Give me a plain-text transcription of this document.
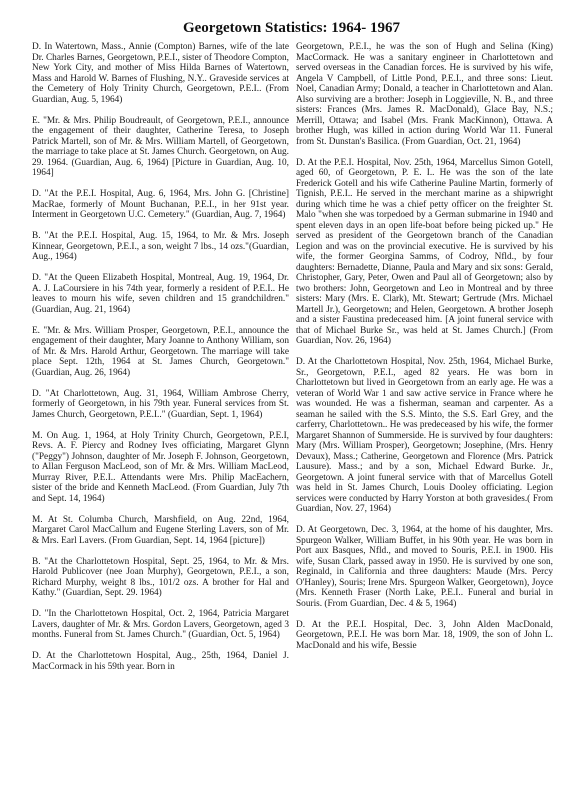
Georgetown Statistics: 1964- 1967

D. In Watertown, Mass., Annie (Compton) Barnes, wife of the late Dr. Charles Barnes, Georgetown, P.E.I., sister of Theodore Compton, New York City, and mother of Miss Hilda Barnes of Watertown, Mass and Harold W. Barnes of Flushing, N.Y.. Graveside services at the Cemetery of Holy Trinity Church, Georgetown, P.E.I.. (From Guardian, Aug. 5, 1964)

E. "Mr. & Mrs. Philip Boudreault, of Georgetown, P.E.I., announce the engagement of their daughter, Catherine Teresa, to Joseph Patrick Martell, son of Mr. & Mrs. William Martell, of Georgetown, the marriage to take place at St. James Church. Georgetown, on Aug. 29. 1964. (Guardian, Aug. 6, 1964) [Picture in Guardian, Aug. 10, 1964]

D. "At the P.E.I. Hospital, Aug. 6, 1964, Mrs. John G. [Christine] MacRae, formerly of Mount Buchanan, P.E.I., in her 91st year. Interment in Georgetown U.C. Cemetery." (Guardian, Aug. 7, 1964)

B. "At the P.E.I. Hospital, Aug. 15, 1964, to Mr. & Mrs. Joseph Kinnear, Georgetown, P.E.I., a son, weight 7 lbs., 14 ozs."(Guardian, Aug., 1964)

D. "At the Queen Elizabeth Hospital, Montreal, Aug. 19, 1964, Dr. A. J. LaCoursiere in his 74th year, formerly a resident of P.E.I.. He leaves to mourn his wife, seven children and 15 grandchildren." (Guardian, Aug. 21, 1964)

E. "Mr. & Mrs. William Prosper, Georgetown, P.E.I., announce the engagement of their daughter, Mary Joanne to Anthony William, son of Mr. & Mrs. Harold Arthur, Georgetown. The marriage will take place Sept. 12th, 1964 at St. James Church, Georgetown." (Guardian, Aug. 26, 1964)

D. "At Charlottetown, Aug. 31, 1964, William Ambrose Cherry, formerly of Georgetown, in his 79th year. Funeral services from St. James Church, Georgetown, P.E.I.." (Guardian, Sept. 1, 1964)

M. On Aug. 1, 1964, at Holy Trinity Church, Georgetown, P.E.I, Revs. A. F. Piercy and Rodney Ives officiating, Margaret Glynn ("Peggy") Johnson, daughter of Mr. Joseph F. Johnson, Georgetown, to Allan Ferguson MacLeod, son of Mr. & Mrs. William MacLeod, Murray River, P.E.I.. Attendants were Mrs. Philip MacEachern, sister of the bride and Kenneth MacLeod. (From Guardian, July 7th and Sept. 14, 1964)

M. At St. Columba Church, Marshfield, on Aug. 22nd, 1964, Margaret Carol MacCallum and Eugene Sterling Lavers, son of Mr. & Mrs. Earl Lavers. (From Guardian, Sept. 14, 1964 [picture])

B. "At the Charlottetown Hospital, Sept. 25, 1964, to Mr. & Mrs. Harold Publicover (nee Joan Murphy), Georgetown, P.E.I., a son, Richard Murphy, weight 8 lbs., 101/2 ozs. A brother for Hal and Kathy." (Guardian, Sept. 29. 1964)

D. "In the Charlottetown Hospital, Oct. 2, 1964, Patricia Margaret Lavers, daughter of Mr. & Mrs. Gordon Lavers, Georgetown, aged 3 months. Funeral from St. James Church." (Guardian, Oct. 5, 1964)

D. At the Charlottetown Hospital, Aug., 25th, 1964, Daniel J. MacCormack in his 59th year. Born in

Georgetown, P.E.I., he was the son of Hugh and Selina (King) MacCormack. He was a sanitary engineer in Charlottetown and served overseas in the Canadian forces. He is survived by his wife, Angela V Campbell, of Little Pond, P.E.I., and three sons: Lieut. Noel, Canadian Army; Donald, a teacher in Charlottetown and Alan. Also surviving are a brother: Joseph in Loggieville, N. B., and three sisters: Frances (Mrs. James R. MacDonald), Glace Bay, N.S.; Merrill, Ottawa; and Isabel (Mrs. Frank MacKinnon), Ottawa. A brother Hugh, was killed in action during World War 11. Funeral from St. Dunstan's Basilica. (From Guardian, Oct. 21, 1964)

D. At the P.E.I. Hospital, Nov. 25th, 1964, Marcellus Simon Gotell, aged 60, of Georgetown, P. E. I.. He was the son of the late Frederick Gotell and his wife Catherine Pauline Martin, formerly of Tignish, P.E.I.. He served in the merchant marine as a shipwright during which time he was a chief petty officer on the freighter St. Malo "when she was torpedoed by a German submarine in 1940 and spent eleven days in an open life-boat before being picked up." He served as president of the Georgetown branch of the Canadian Legion and was on the provincial executive. He is survived by his wife, the former Georgina Samms, of Codroy, Nfld., by four daughters: Bernadette, Dianne, Paula and Mary and six sons: Gerald, Christopher, Gary, Peter, Owen and Paul all of Georgetown; also by two brothers: John, Georgetown and Leo in Montreal and by three sisters: Mary (Mrs. E. Clark), Mt. Stewart; Gertrude (Mrs. Michael Martell Jr.), Georgetown; and Helen, Georgetown. A brother Joseph and a sister Faustina predeceased him. [A joint funeral service with that of Michael Burke Sr., was held at St. James Church.] (From Guardian, Nov. 26, 1964)

D. At the Charlottetown Hospital, Nov. 25th, 1964, Michael Burke, Sr., Georgetown, P.E.I., aged 82 years. He was born in Charlottetown but lived in Georgetown from an early age. He was a veteran of World War 1 and saw active service in France where he was wounded. He was a fisherman, seaman and carpenter. As a seaman he sailed with the S.S. Minto, the S.S. Earl Grey, and the carferry, Charlottetown.. He was predeceased by his wife, the former Margaret Shannon of Summerside. He is survived by four daughters: Mary (Mrs. William Prosper), Georgetown; Josephine, (Mrs. Henry Devaux), Mass.; Catherine, Georgetown and Florence (Mrs. Patrick Lausure). Mass.; and by a son, Michael Edward Burke. Jr., Georgetown. A joint funeral service with that of Marcellus Gotell was held in St. James Church, Louis Dooley officiating. Legion services were conducted by Harry Yorston at both gravesides.( From Guardian, Nov. 27, 1964)

D. At Georgetown, Dec. 3, 1964, at the home of his daughter, Mrs. Spurgeon Walker, William Buffet, in his 90th year. He was born in Port aux Basques, Nfld., and moved to Souris, P.E.I. in 1900. His wife, Susan Clark, passed away in 1950. He is survived by one son, Reginald, in California and three daughters: Maude (Mrs. Percy O'Hanley), Souris; Irene Mrs. Spurgeon Walker, Georgetown), Joyce (Mrs. Kenneth Fraser (North Lake, P.E.I.. Funeral and burial in Souris. (From Guardian, Dec. 4 & 5, 1964)

D. At the P.E.I. Hospital, Dec. 3, John Alden MacDonald, Georgetown, P.E.I. He was born Mar. 18, 1909, the son of John L. MacDonald and his wife, Bessie
